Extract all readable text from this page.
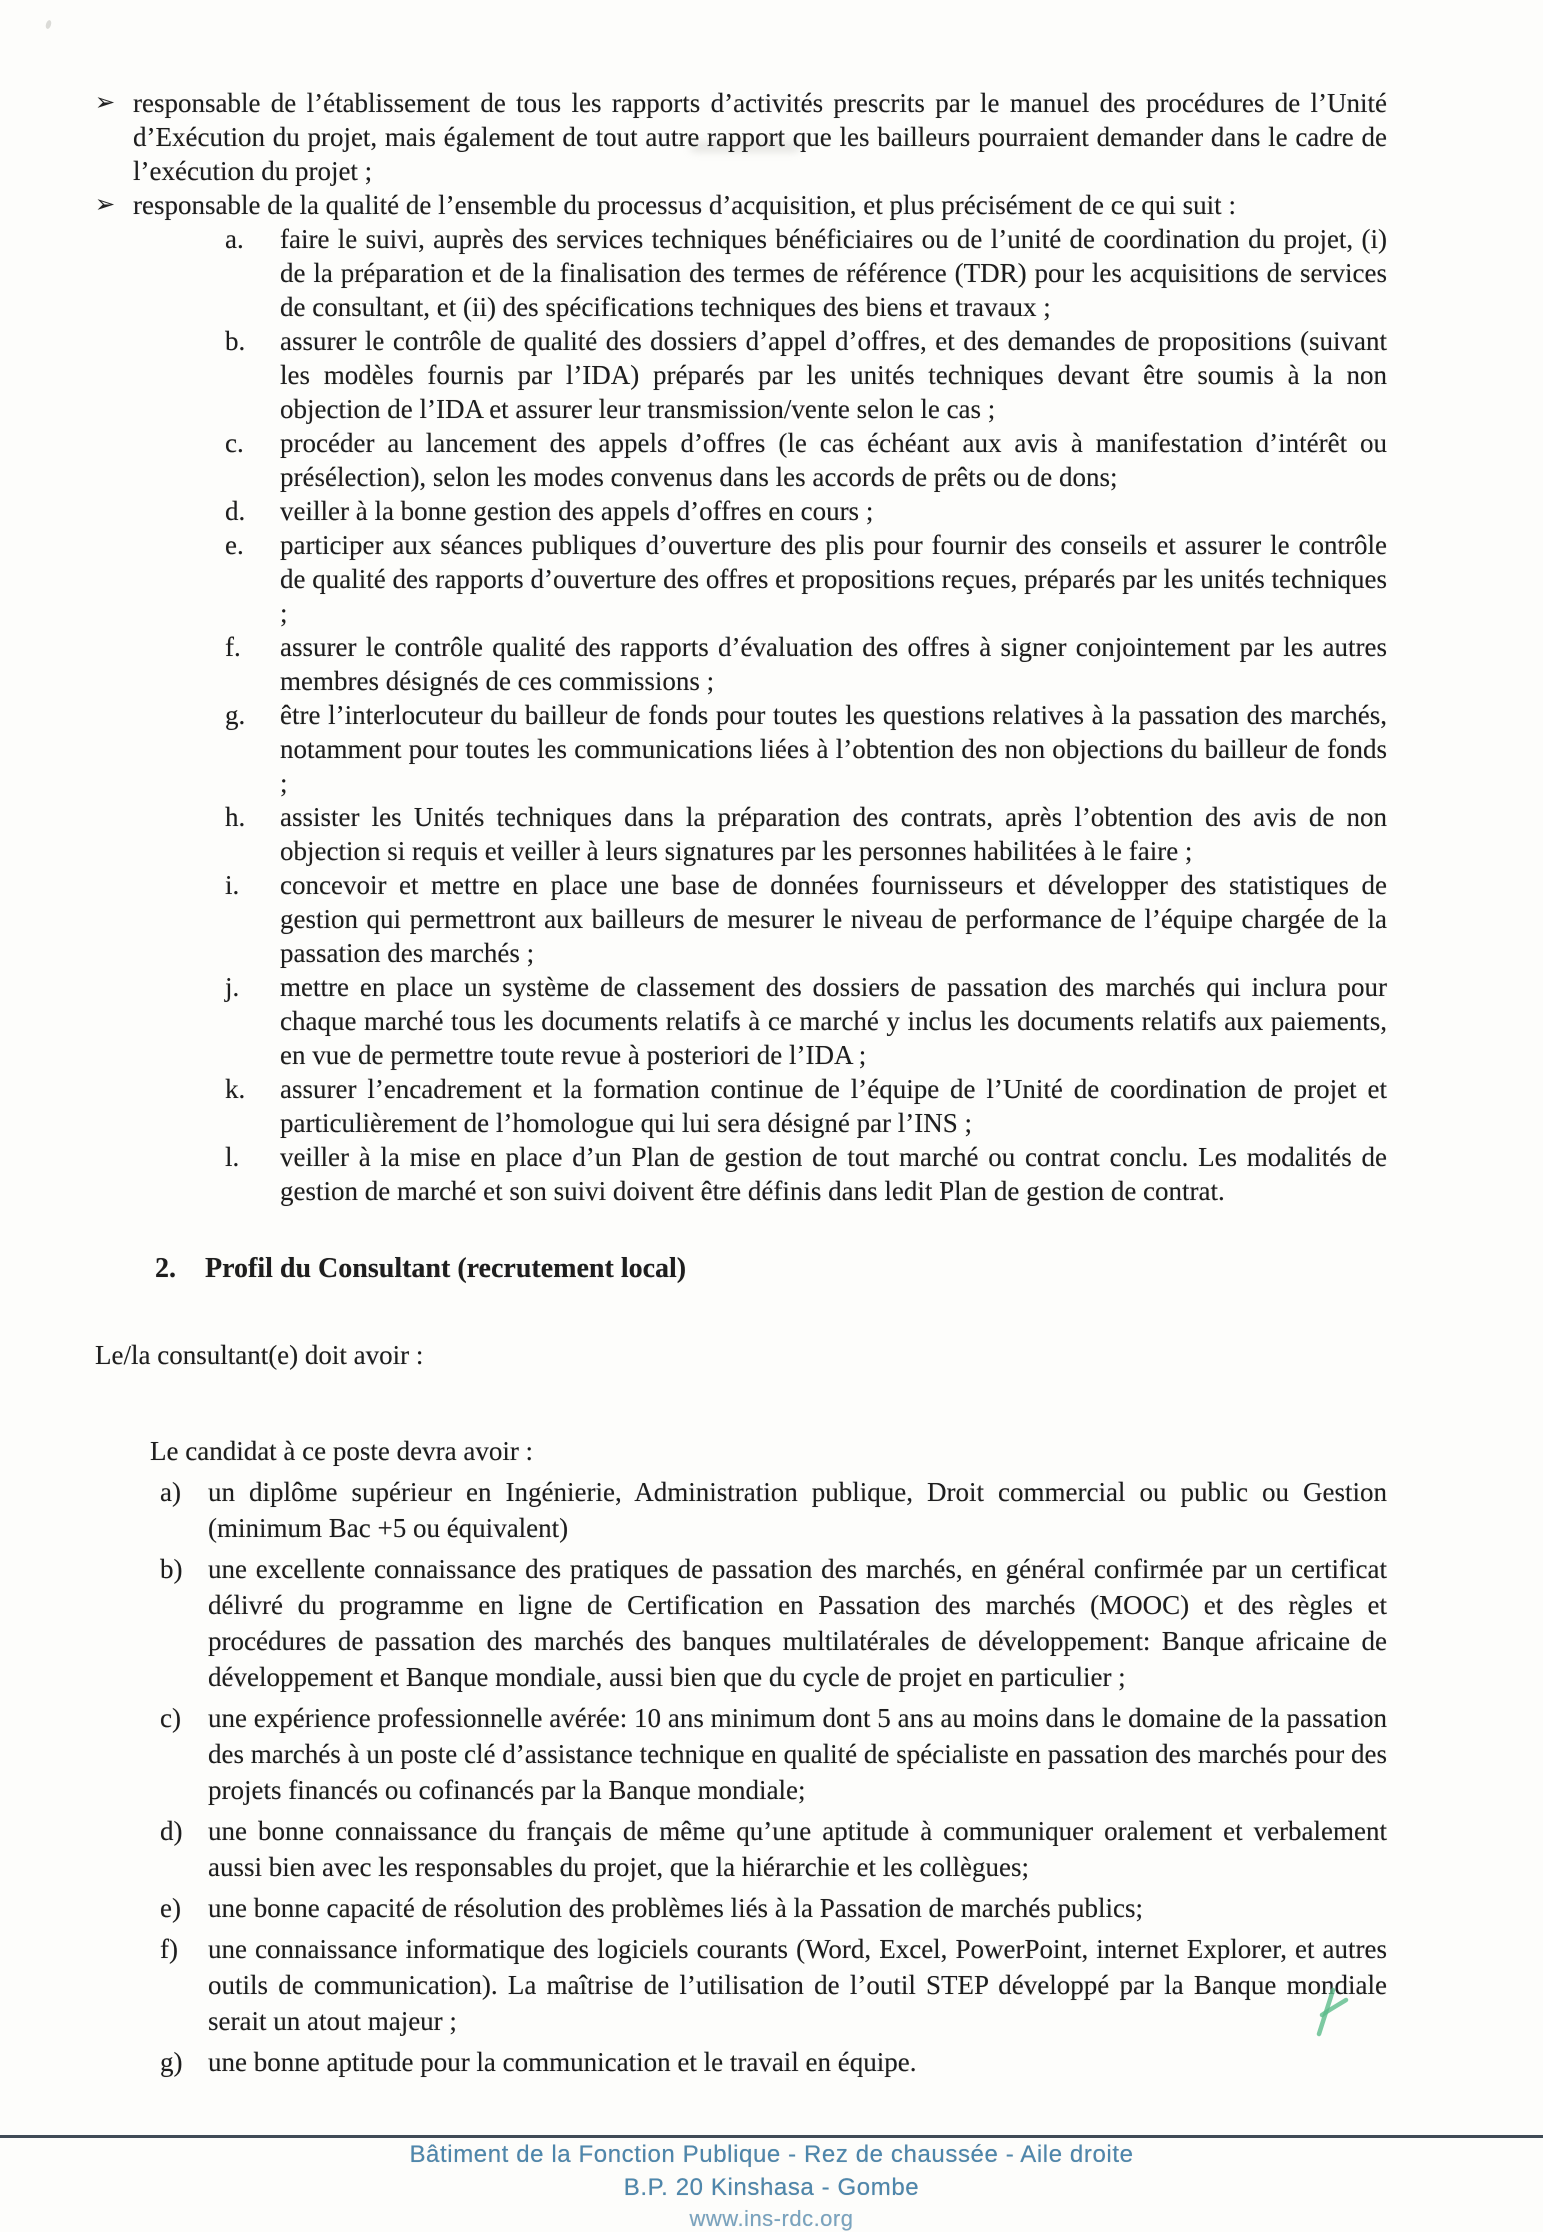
➢ responsable de l’établissement de tous les rapports d’activités prescrits par le manuel des procédures de l’Unité d’Exécution du projet, mais également de tout autre rapport que les bailleurs pourraient demander dans le cadre de l’exécution du projet ;
➢ responsable de la qualité de l’ensemble du processus d’acquisition, et plus précisément de ce qui suit :
a.	faire le suivi, auprès des services techniques bénéficiaires ou de l’unité de coordination du projet, (i) de la préparation et de la finalisation des termes de référence (TDR) pour les acquisitions de services de consultant, et (ii) des spécifications techniques des biens et travaux ;
b.	assurer le contrôle de qualité des dossiers d’appel d’offres, et des demandes de propositions (suivant les modèles fournis par l’IDA) préparés par les unités techniques devant être soumis à la non objection de l’IDA et assurer leur transmission/vente selon le cas ;
c.	procéder au lancement des appels d’offres (le cas échéant aux avis à manifestation d’intérêt ou présélection), selon les modes convenus dans les accords de prêts ou de dons;
d.	veiller à la bonne gestion des appels d’offres en cours ;
e.	participer aux séances publiques d’ouverture des plis pour fournir des conseils et assurer le contrôle de qualité des rapports d’ouverture des offres et propositions reçues, préparés par les unités techniques ;
f.	assurer le contrôle qualité des rapports d’évaluation des offres à signer conjointement par les autres membres désignés de ces commissions ;
g.	être l’interlocuteur du bailleur de fonds pour toutes les questions relatives à la passation des marchés, notamment pour toutes les communications liées à l’obtention des non objections du bailleur de fonds ;
h.	assister les Unités techniques dans la préparation des contrats, après l’obtention des avis de non objection si requis et veiller à leurs signatures par les personnes habilitées à le faire ;
i.	concevoir et mettre en place une base de données fournisseurs et développer des statistiques de gestion qui permettront aux bailleurs de mesurer le niveau de performance de l’équipe chargée de la passation des marchés ;
j.	mettre en place un système de classement des dossiers de passation des marchés qui inclura pour chaque marché tous les documents relatifs à ce marché y inclus les documents relatifs aux paiements, en vue de permettre toute revue à posteriori de l’IDA ;
k.	assurer l’encadrement et la formation continue de l’équipe de l’Unité de coordination de projet et particulièrement de l’homologue qui lui sera désigné par l’INS ;
l.	veiller à la mise en place d’un Plan de gestion de tout marché ou contrat conclu. Les modalités de gestion de marché et son suivi doivent être définis dans ledit Plan de gestion de contrat.
2.	Profil du Consultant (recrutement local)
Le/la consultant(e) doit avoir :
Le candidat à ce poste devra avoir :
a)	un diplôme supérieur en Ingénierie, Administration publique, Droit commercial ou public ou Gestion (minimum Bac +5 ou équivalent)
b) une excellente connaissance des pratiques de passation des marchés, en général confirmée par un certificat délivré du programme en ligne de Certification en Passation des marchés (MOOC) et des règles et procédures de passation des marchés des banques multilatérales de développement: Banque africaine de développement et Banque mondiale, aussi bien que du cycle de projet en particulier ;
c)	une expérience professionnelle avérée: 10 ans minimum dont 5 ans au moins dans le domaine de la passation des marchés à un poste clé d’assistance technique en qualité de spécialiste en passation des marchés pour des projets financés ou cofinancés par la Banque mondiale;
d) une bonne connaissance du français de même qu’une aptitude à communiquer oralement et verbalement aussi bien avec les responsables du projet, que la hiérarchie et les collègues;
e)	une bonne capacité de résolution des problèmes liés à la Passation de marchés publics;
f)	une connaissance informatique des logiciels courants (Word, Excel, PowerPoint, internet Explorer, et autres outils de communication). La maîtrise de l’utilisation de l’outil STEP développé par la Banque mondiale serait un atout majeur ;
g) une bonne aptitude pour la communication et le travail en équipe.
Bâtiment de la Fonction Publique - Rez de chaussée - Aile droite
B.P. 20 Kinshasa - Gombe
www.ins-rdc.org
